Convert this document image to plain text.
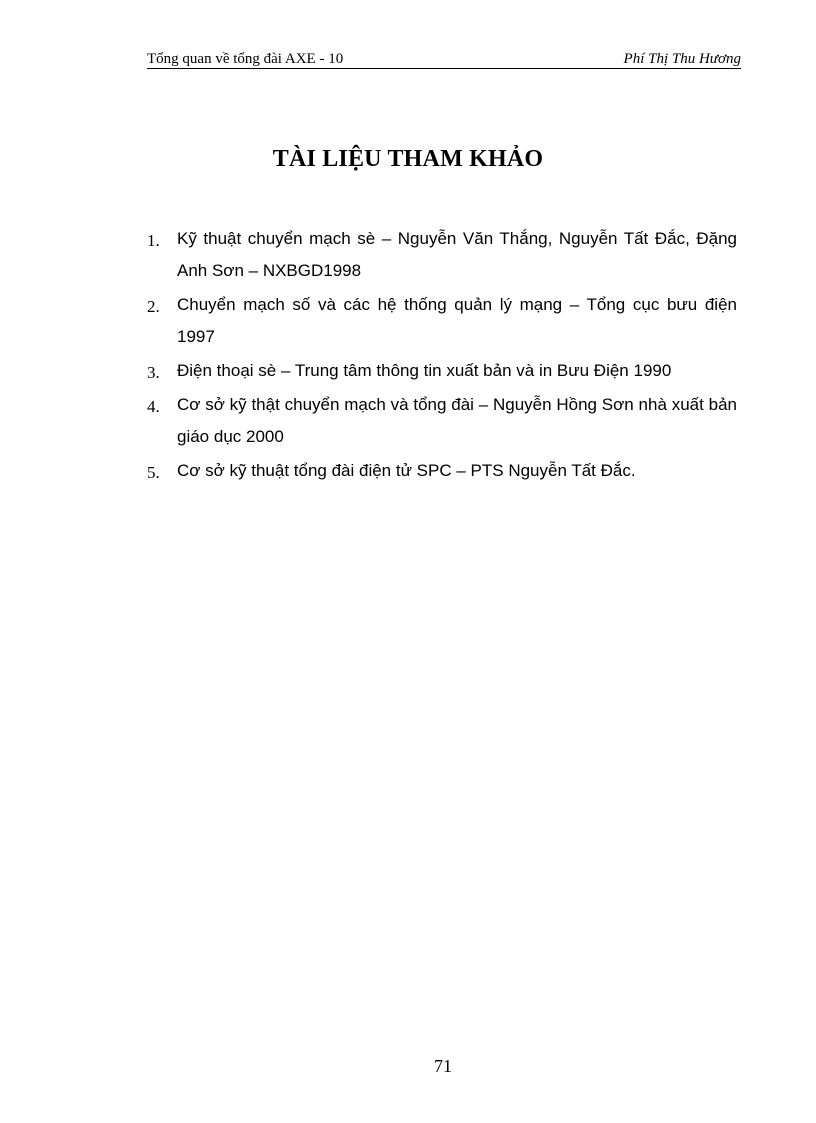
Tổng quan về tổng đài AXE - 10	Phí Thị Thu Hương
TÀI LIỆU THAM KHẢO
1. Kỹ thuật chuyển mạch sè – Nguyễn Văn Thắng, Nguyễn Tất Đắc, Đặng Anh Sơn – NXBGD1998
2. Chuyển mạch số và các hệ thống quản lý mạng – Tổng cục bưu điện 1997
3. Điện thoại sè – Trung tâm thông tin xuất bản và in Bưu Điện 1990
4. Cơ sở kỹ thật chuyển mạch và tổng đài – Nguyễn Hồng Sơn nhà xuất bản giáo dục 2000
5. Cơ sở kỹ thuật tổng đài điện tử SPC – PTS Nguyễn Tất Đắc.
71
